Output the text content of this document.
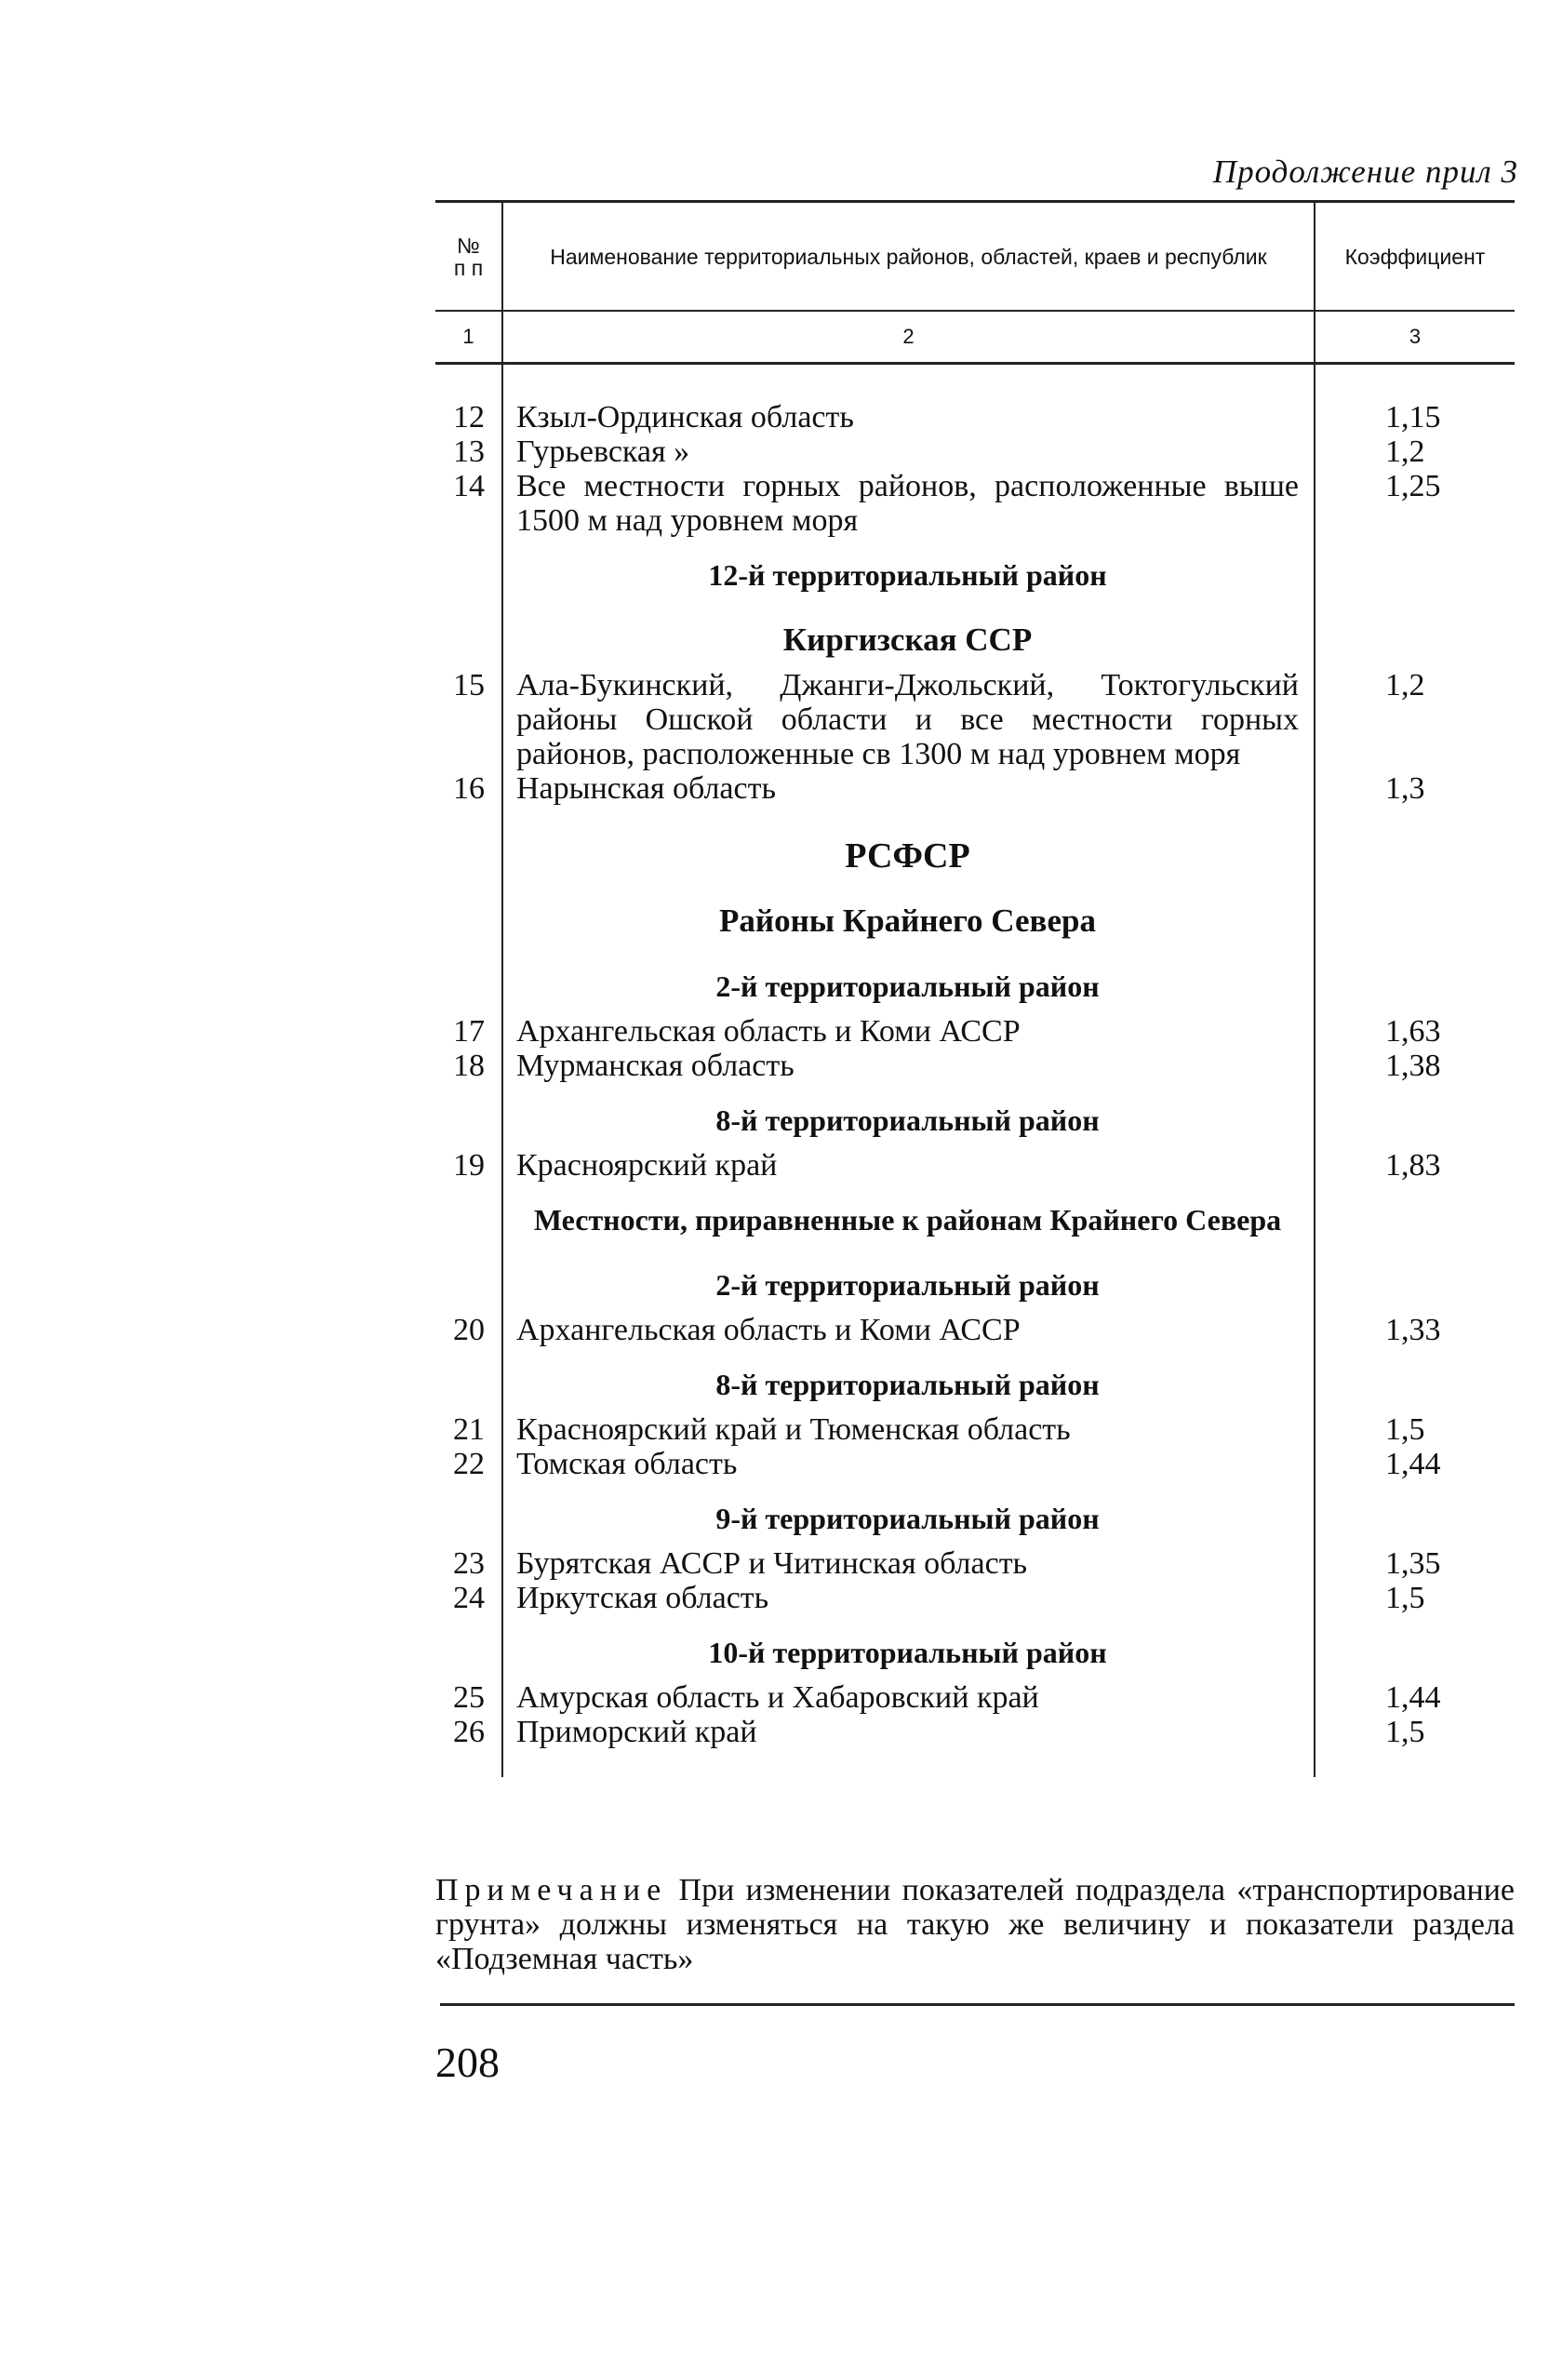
Продолжение прил 3
№
п п	Наименование территориальных районов, областей, краев и республик	Коэффициент
1	2	3
12	Кзыл-Ординская область	1,15
13	Гурьевская »	1,2
14	Все местности горных районов, расположенные выше 1500 м над уровнем моря	1,25
	12-й территориальный район	
	Киргизская ССР	
15	Ала-Букинский, Джанги-Джольский, Токтогульский районы Ошской области и все местности горных районов, расположенные св 1300 м над уровнем моря	1,2
16	Нарынская область	1,3
	РСФСР	
	Районы Крайнего Севера	
	2-й территориальный район	
17	Архангельская область и Коми АССР	1,63
18	Мурманская область	1,38
	8-й территориальный район	
19	Красноярский край	1,83
	Местности, приравненные к районам Крайнего Севера	
	2-й территориальный район	
20	Архангельская область и Коми АССР	1,33
	8-й территориальный район	
21	Красноярский край и Тюменская область	1,5
22	Томская область	1,44
	9-й территориальный район	
23	Бурятская АССР и Читинская область	1,35
24	Иркутская область	1,5
	10-й территориальный район	
25	Амурская область и Хабаровский край	1,44
26	Приморский край	1,5
Примечание При изменении показателей подраздела «транспортирование грунта» должны изменяться на такую же величину и показатели раздела «Подземная часть»
208
